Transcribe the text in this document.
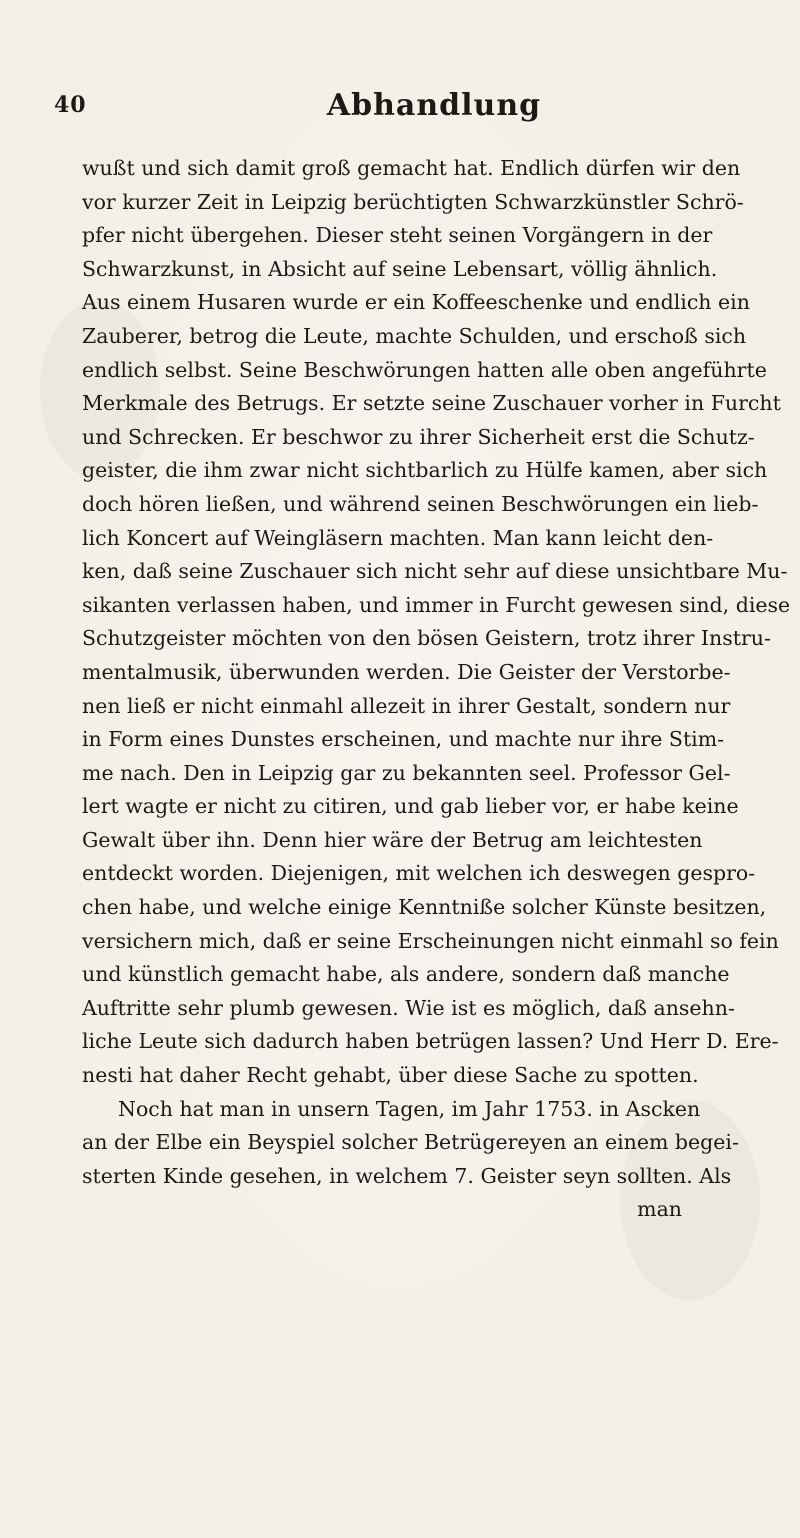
40	Abhandlung
wußt und sich damit groß gemacht hat. Endlich dürfen wir den
vor kurzer Zeit in Leipzig berüchtigten Schwarzkünstler Schrö-
pfer nicht übergehen. Dieser steht seinen Vorgängern in der
Schwarzkunst, in Absicht auf seine Lebensart, völlig ähnlich.
Aus einem Husaren wurde er ein Koffeeschenke und endlich ein
Zauberer, betrog die Leute, machte Schulden, und erschoß sich
endlich selbst. Seine Beschwörungen hatten alle oben angeführte
Merkmale des Betrugs. Er setzte seine Zuschauer vorher in Furcht
und Schrecken. Er beschwor zu ihrer Sicherheit erst die Schutz-
geister, die ihm zwar nicht sichtbarlich zu Hülfe kamen, aber sich
doch hören ließen, und während seinen Beschwörungen ein lieb-
lich Koncert auf Weingläsern machten. Man kann leicht den-
ken, daß seine Zuschauer sich nicht sehr auf diese unsichtbare Mu-
sikanten verlassen haben, und immer in Furcht gewesen sind, diese
Schutzgeister möchten von den bösen Geistern, trotz ihrer Instru-
mentalmusik, überwunden werden. Die Geister der Verstorbe-
nen ließ er nicht einmahl allezeit in ihrer Gestalt, sondern nur
in Form eines Dunstes erscheinen, und machte nur ihre Stim-
me nach. Den in Leipzig gar zu bekannten seel. Professor Gel-
lert wagte er nicht zu citiren, und gab lieber vor, er habe keine
Gewalt über ihn. Denn hier wäre der Betrug am leichtesten
entdeckt worden. Diejenigen, mit welchen ich deswegen gespro-
chen habe, und welche einige Kenntniße solcher Künste besitzen,
versichern mich, daß er seine Erscheinungen nicht einmahl so fein
und künstlich gemacht habe, als andere, sondern daß manche
Auftritte sehr plumb gewesen. Wie ist es möglich, daß ansehn-
liche Leute sich dadurch haben betrügen lassen? Und Herr D. Ere-
nesti hat daher Recht gehabt, über diese Sache zu spotten.
Noch hat man in unsern Tagen, im Jahr 1753. in Ascken
an der Elbe ein Beyspiel solcher Betrügereyen an einem begei-
sterten Kinde gesehen, in welchem 7. Geister seyn sollten. Als
man
